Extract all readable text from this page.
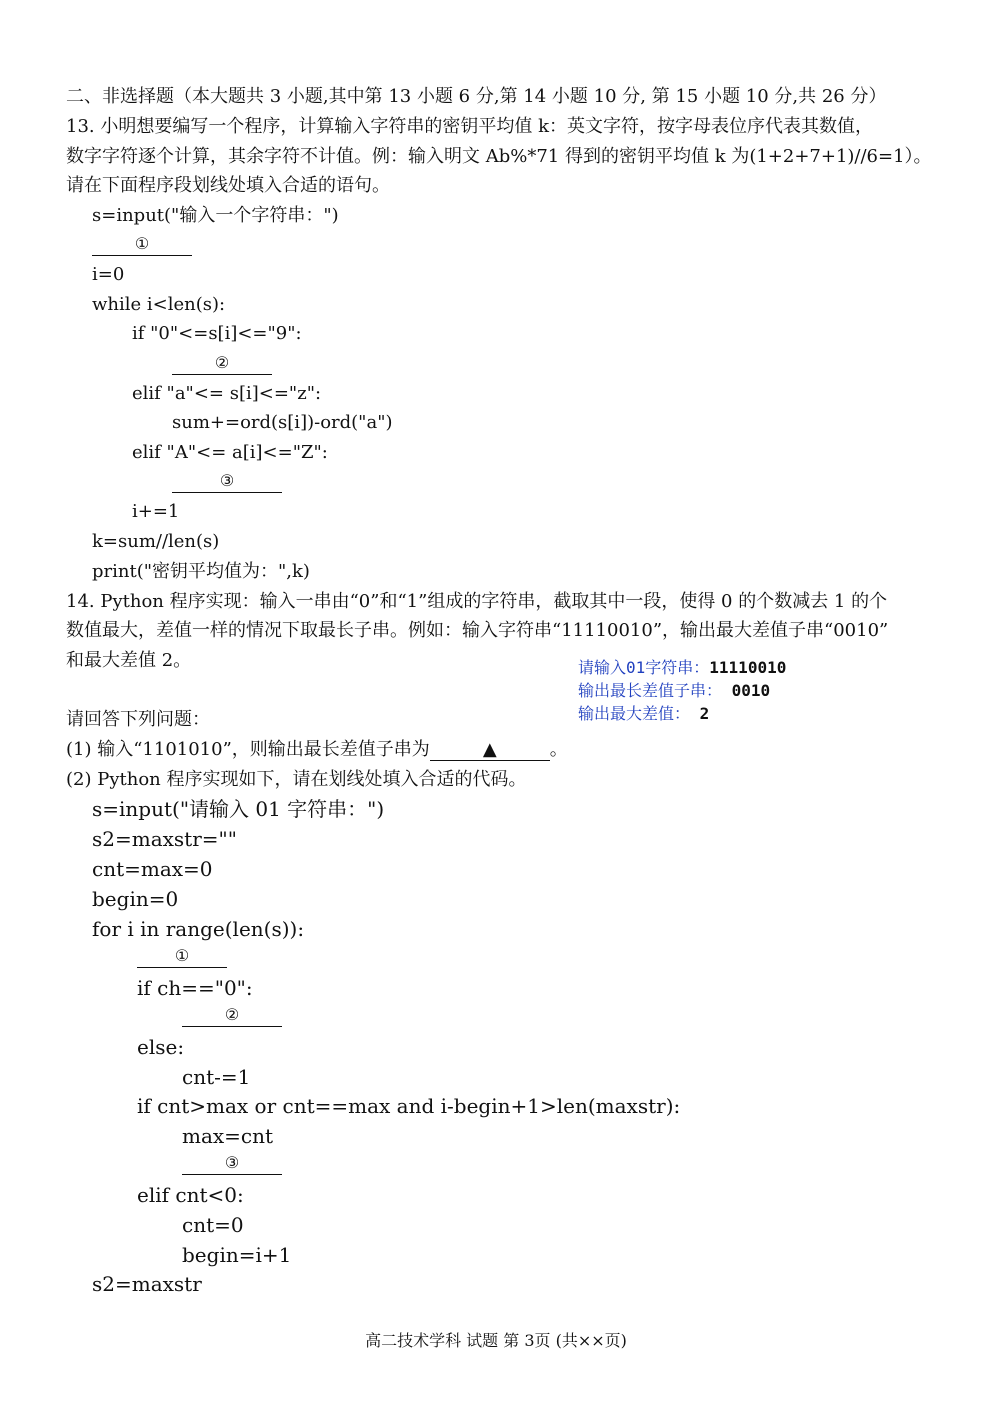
二、非选择题（本大题共 3 小题,其中第 13 小题 6 分,第 14 小题 10 分, 第 15 小题 10 分,共 26 分）
13. 小明想要编写一个程序，计算输入字符串的密钥平均值 k：英文字符，按字母表位序代表其数值，
数字字符逐个计算，其余字符不计值。例：输入明文 Ab%*71 得到的密钥平均值 k 为(1+2+7+1)//6=1）。
请在下面程序段划线处填入合适的语句。
s=input("输入一个字符串：")
①
i=0
while i<len(s):
if "0"<=s[i]<="9":
②
elif "a"<= s[i]<="z":
sum+=ord(s[i])-ord("a")
elif "A"<= a[i]<="Z":
③
i+=1
k=sum//len(s)
print("密钥平均值为：",k)
14. Python 程序实现：输入一串由“0”和“1”组成的字符串，截取其中一段，使得 0 的个数减去 1 的个
数值最大，差值一样的情况下取最长子串。例如：输入字符串“11110010”，输出最大差值子串“0010”
和最大差值 2。	请输入01字符串：11110010
输出最长差值子串： 0010
输出最大差值： 2
请回答下列问题：
(1) 输入“1101010”，则输出最长差值子串为	▲	。
(2) Python 程序实现如下，请在划线处填入合适的代码。
s=input("请输入 01 字符串：")
s2=maxstr=""
cnt=max=0
begin=0
for i in range(len(s)):
①
if ch=="0":
②
else:
cnt-=1
if cnt>max or cnt==max and i-begin+1>len(maxstr):
max=cnt
③
elif cnt<0:
cnt=0
begin=i+1
s2=maxstr
高二技术学科 试题 第 3页 (共××页)
